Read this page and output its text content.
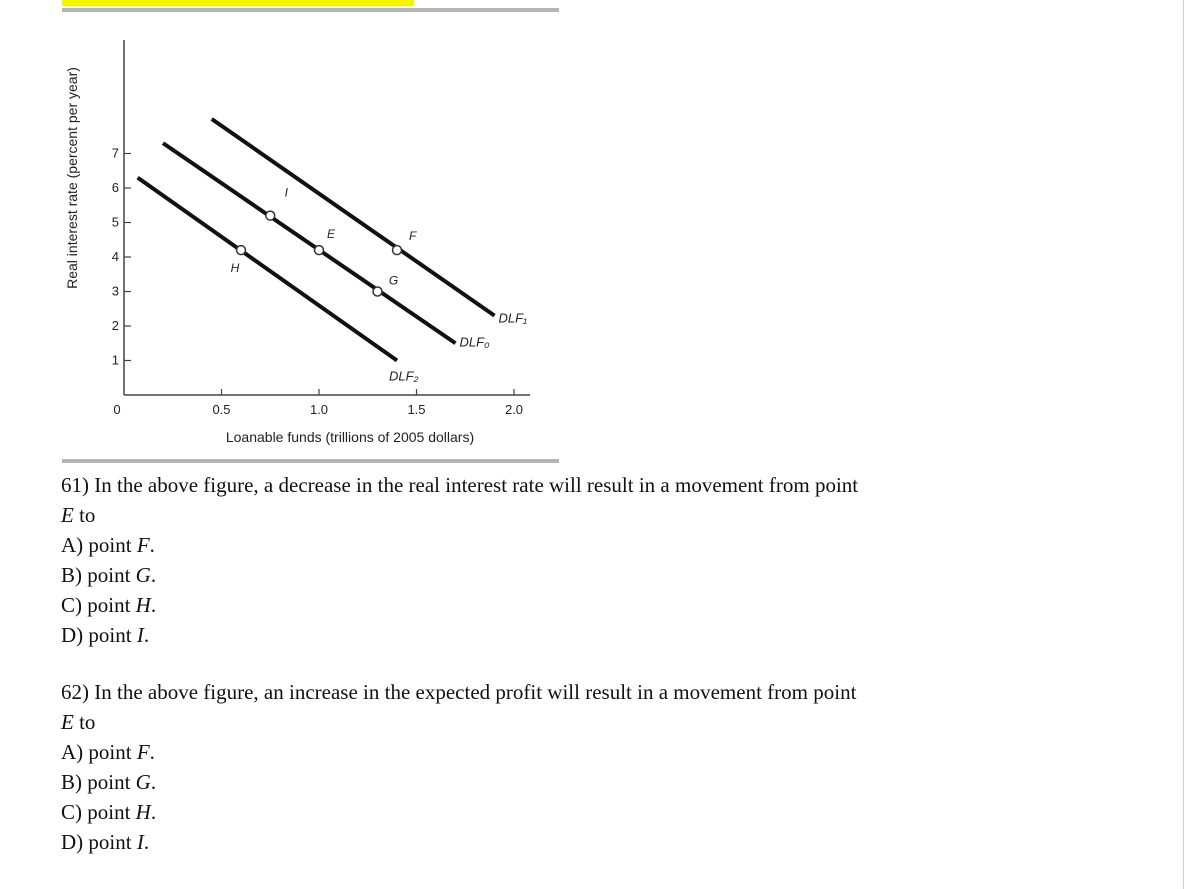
1
2
3
4
5
6
7
0.5	1.0	1.5	2.0
0
DLF₁
DLF₀
DLF₂
I
E
G
F
H
Loanable funds (trillions of 2005 dollars)
Real interest rate (percent per year)

61) In the above figure, a decrease in the real interest rate will result in a movement from point

E to

A) point F.

B) point G.

C) point H.

D) point I.

62) In the above figure, an increase in the expected profit will result in a movement from point

E to

A) point F.

B) point G.

C) point H.

D) point I.
